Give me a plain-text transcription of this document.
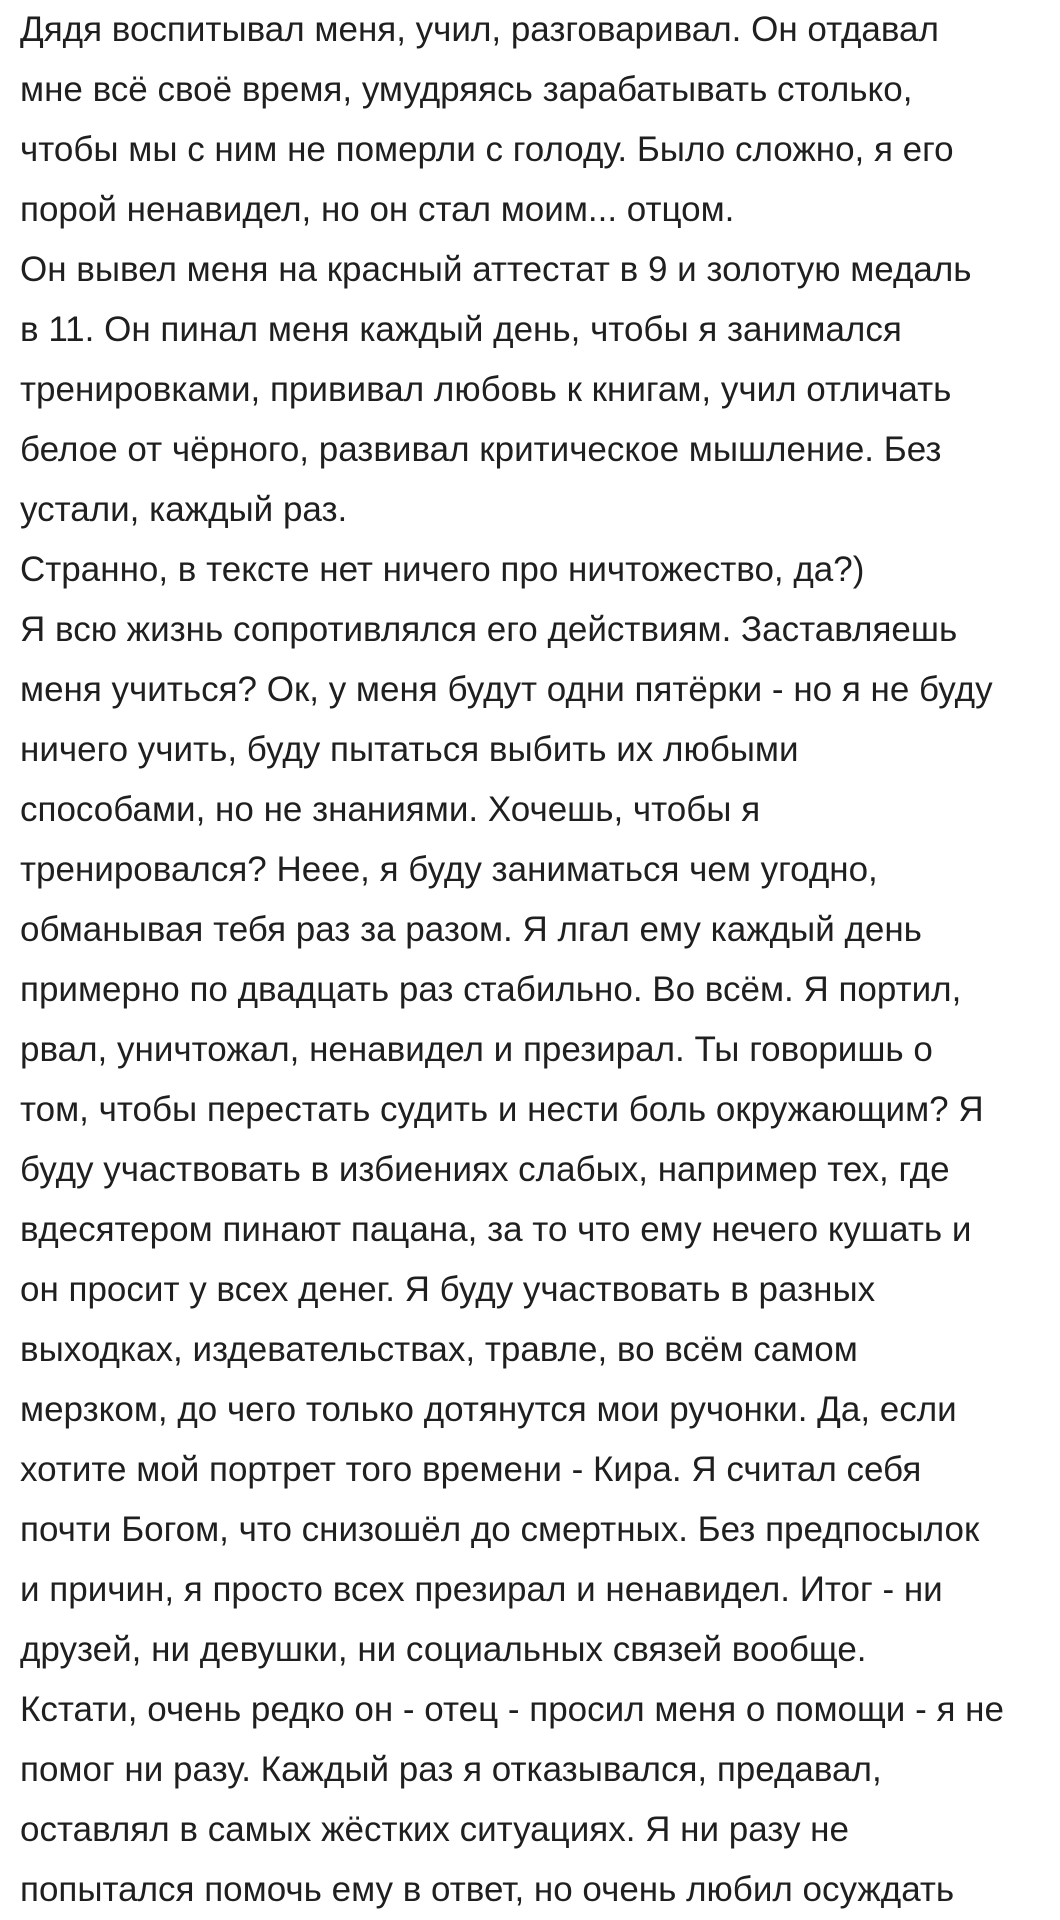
Дядя воспитывал меня, учил, разговаривал. Он отдавал
мне всё своё время, умудряясь зарабатывать столько,
чтобы мы с ним не померли с голоду. Было сложно, я его
порой ненавидел, но он стал моим... отцом.
Он вывел меня на красный аттестат в 9 и золотую медаль
в 11. Он пинал меня каждый день, чтобы я занимался
тренировками, прививал любовь к книгам, учил отличать
белое от чёрного, развивал критическое мышление. Без
устали, каждый раз.
Странно, в тексте нет ничего про ничтожество, да?)
Я всю жизнь сопротивлялся его действиям. Заставляешь
меня учиться? Ок, у меня будут одни пятёрки - но я не буду
ничего учить, буду пытаться выбить их любыми
способами, но не знаниями. Хочешь, чтобы я
тренировался? Неее, я буду заниматься чем угодно,
обманывая тебя раз за разом. Я лгал ему каждый день
примерно по двадцать раз стабильно. Во всём. Я портил,
рвал, уничтожал, ненавидел и презирал. Ты говоришь о
том, чтобы перестать судить и нести боль окружающим? Я
буду участвовать в избиениях слабых, например тех, где
вдесятером пинают пацана, за то что ему нечего кушать и
он просит у всех денег. Я буду участвовать в разных
выходках, издевательствах, травле, во всём самом
мерзком, до чего только дотянутся мои ручонки. Да, если
хотите мой портрет того времени - Кира. Я считал себя
почти Богом, что снизошёл до смертных. Без предпосылок
и причин, я просто всех презирал и ненавидел. Итог - ни
друзей, ни девушки, ни социальных связей вообще.
Кстати, очень редко он - отец - просил меня о помощи - я не
помог ни разу. Каждый раз я отказывался, предавал,
оставлял в самых жёстких ситуациях. Я ни разу не
попытался помочь ему в ответ, но очень любил осуждать
